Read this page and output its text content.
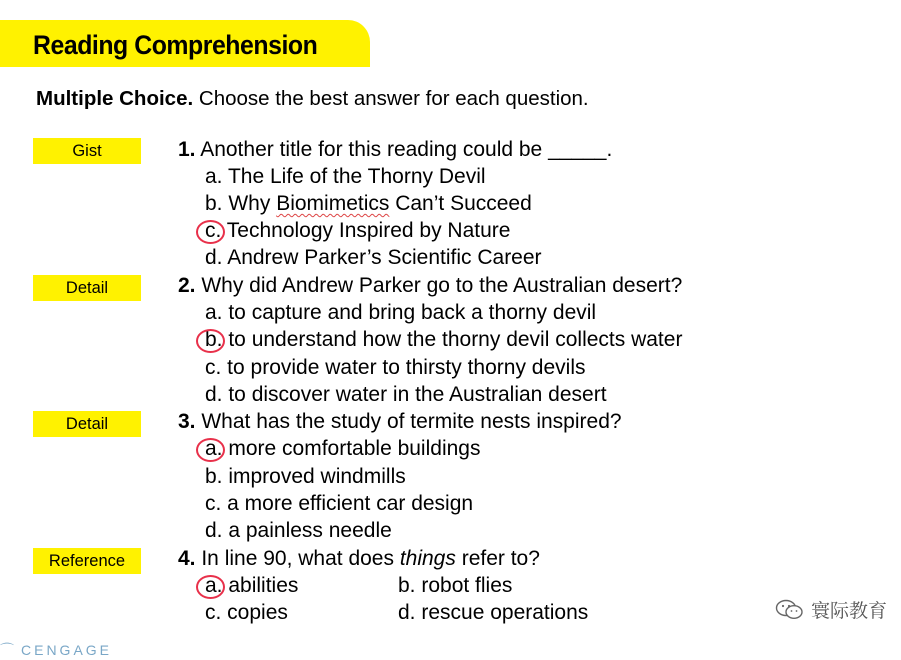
Reading Comprehension
Multiple Choice. Choose the best answer for each question.
Gist	1. Another title for this reading could be _____.
a. The Life of the Thorny Devil
b. Why Biomimetics Can’t Succeed
c. Technology Inspired by Nature
d. Andrew Parker’s Scientific Career
Detail	2. Why did Andrew Parker go to the Australian desert?
a. to capture and bring back a thorny devil
b. to understand how the thorny devil collects water
c. to provide water to thirsty thorny devils
d. to discover water in the Australian desert
Detail	3. What has the study of termite nests inspired?
a. more comfortable buildings
b. improved windmills
c. a more efficient car design
d. a painless needle
Reference	4. In line 90, what does things refer to?
a. abilities	b. robot flies
c. copies	d. rescue operations	寰际教育
⌒ CENGAGE
